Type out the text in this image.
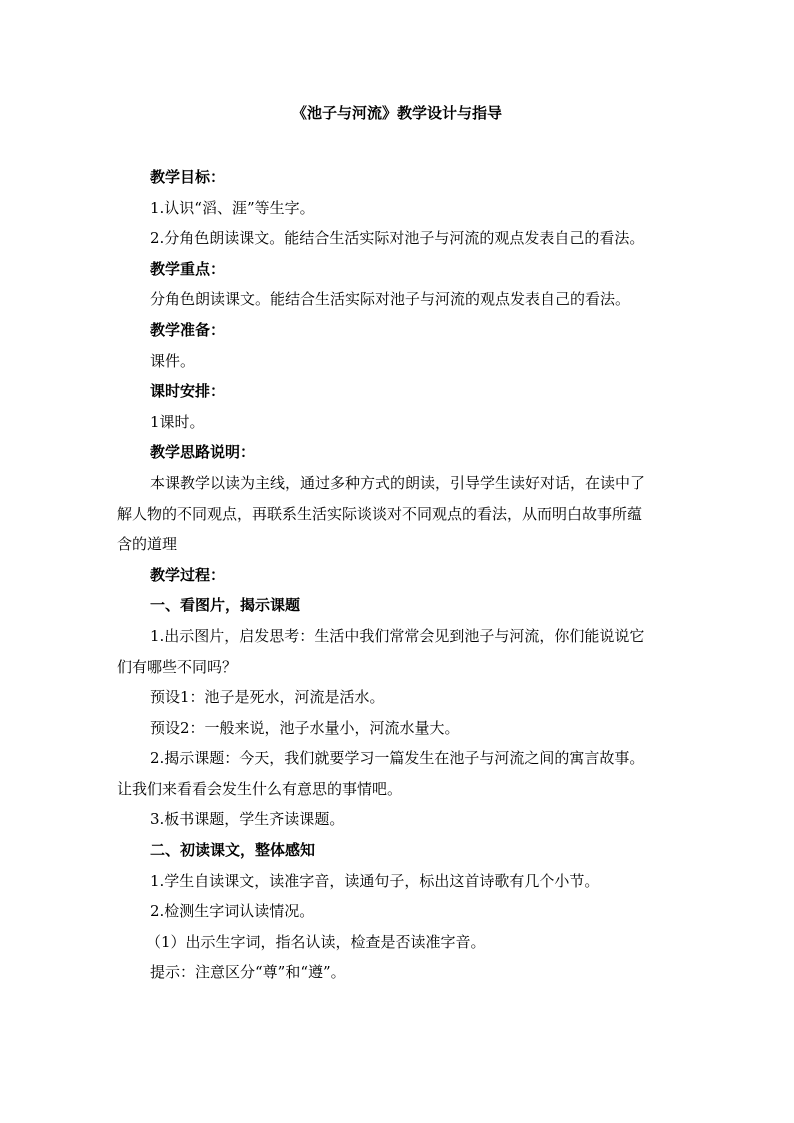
《池子与河流》教学设计与指导
教学目标：
1.认识“滔、涯”等生字。
2.分角色朗读课文。能结合生活实际对池子与河流的观点发表自己的看法。
教学重点：
分角色朗读课文。能结合生活实际对池子与河流的观点发表自己的看法。
教学准备：
课件。
课时安排：
1课时。
教学思路说明：
本课教学以读为主线，通过多种方式的朗读，引导学生读好对话，在读中了
解人物的不同观点，再联系生活实际谈谈对不同观点的看法，从而明白故事所蕴
含的道理
教学过程：
一、看图片，揭示课题
1.出示图片，启发思考：生活中我们常常会见到池子与河流，你们能说说它
们有哪些不同吗？
预设1：池子是死水，河流是活水。
预设2：一般来说，池子水量小，河流水量大。
2.揭示课题：今天，我们就要学习一篇发生在池子与河流之间的寓言故事。
让我们来看看会发生什么有意思的事情吧。
3.板书课题，学生齐读课题。
二、初读课文，整体感知
1.学生自读课文，读准字音，读通句子，标出这首诗歌有几个小节。
2.检测生字词认读情况。
（1）出示生字词，指名认读，检查是否读准字音。
提示：注意区分“尊”和“遵”。
